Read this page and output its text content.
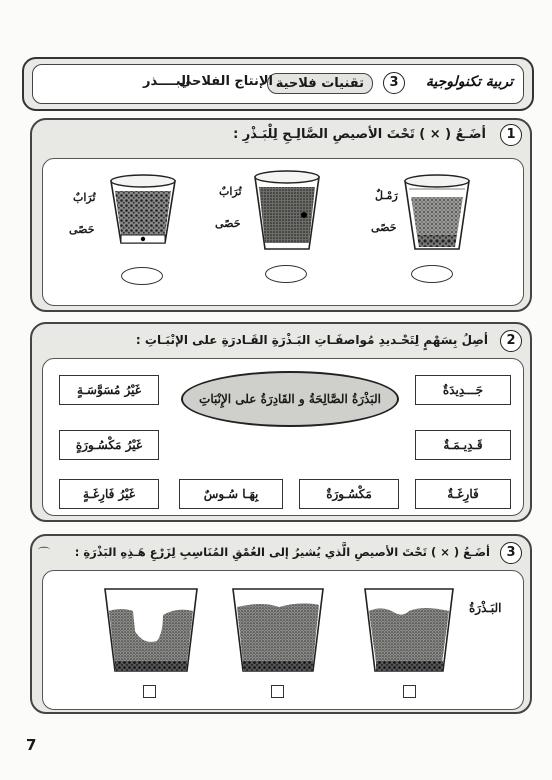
تربية تكنولوجية
3
تقنيات فلاحية
الإنتاج الفلاحي
البــــذر
1
أضَـعُ ( × ) تَحْتَ الأصيصِ الصَّالِـحِ لِلْبَـذْرِ :
رَمْـلٌ
حَصًى
تُرَابٌ
حَصًى
تُرَابٌ
حَصًى
2
أصِلُ بِسَهْمٍ لِتَحْـديدِ مُواصفَـاتِ البَـذْرَةِ القَـادرَةِ على الإنْبَـاتِ :
جَـــدِيدَةٌ
قَـدِيـمَـةٌ
فَارِغَـةٌ
غَيْرُ مُسَوَّسَـةٍ
غَيْرُ مَكْسُـورَةٍ
غَيْرُ فَارِغَـةٍ	مَكْسُـورَةٌ
بِهَـا سُـوسٌ
البَذْرَةُ الصَّالِحَةُ و القَادِرَةُ على الإِنْبَاتِ
3
أضَـعُ ( × ) تَحْتَ الأصيصِ الَّذي يُشيرُ إلى العُمْقِ المُنَاسِبِ لِزَرْعِ هَـذِهِ البَذْرَةِ :
⌒
البَـذْرَةُ
7
